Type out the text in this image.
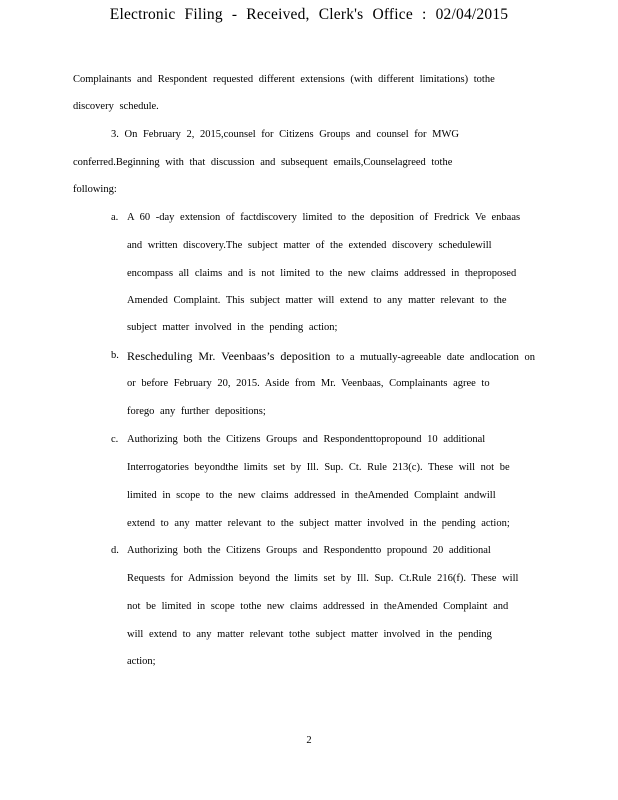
Electronic Filing - Received, Clerk's Office : 02/04/2015
Complainants and Respondent requested different extensions (with different limitations) tothe
discovery schedule.
3. On February 2, 2015,counsel for Citizens Groups and counsel for MWG
conferred.Beginning with that discussion and subsequent emails,Counselagreed tothe
following:
a. A 60 -day extension of factdiscovery limited to the deposition of Fredrick Ve enbaas
and written discovery.The subject matter of the extended discovery schedulewill
encompass all claims and is not limited to the new claims addressed in theproposed
Amended Complaint. This subject matter will extend to any matter relevant to the
subject matter involved in the pending action;
b. Rescheduling Mr. Veenbaas’s deposition to a mutually-agreeable date andlocation on
or before February 20, 2015. Aside from Mr. Veenbaas, Complainants agree to
forego any further depositions;
c. Authorizing both the Citizens Groups and Respondenttopropound 10 additional
Interrogatories beyondthe limits set by Ill. Sup. Ct. Rule 213(c). These will not be
limited in scope to the new claims addressed in theAmended Complaint andwill
extend to any matter relevant to the subject matter involved in the pending action;
d. Authorizing both the Citizens Groups and Respondentto propound 20 additional
Requests for Admission beyond the limits set by Ill. Sup. Ct.Rule 216(f). These will
not be limited in scope tothe new claims addressed in theAmended Complaint and
will extend to any matter relevant tothe subject matter involved in the pending
action;
2
